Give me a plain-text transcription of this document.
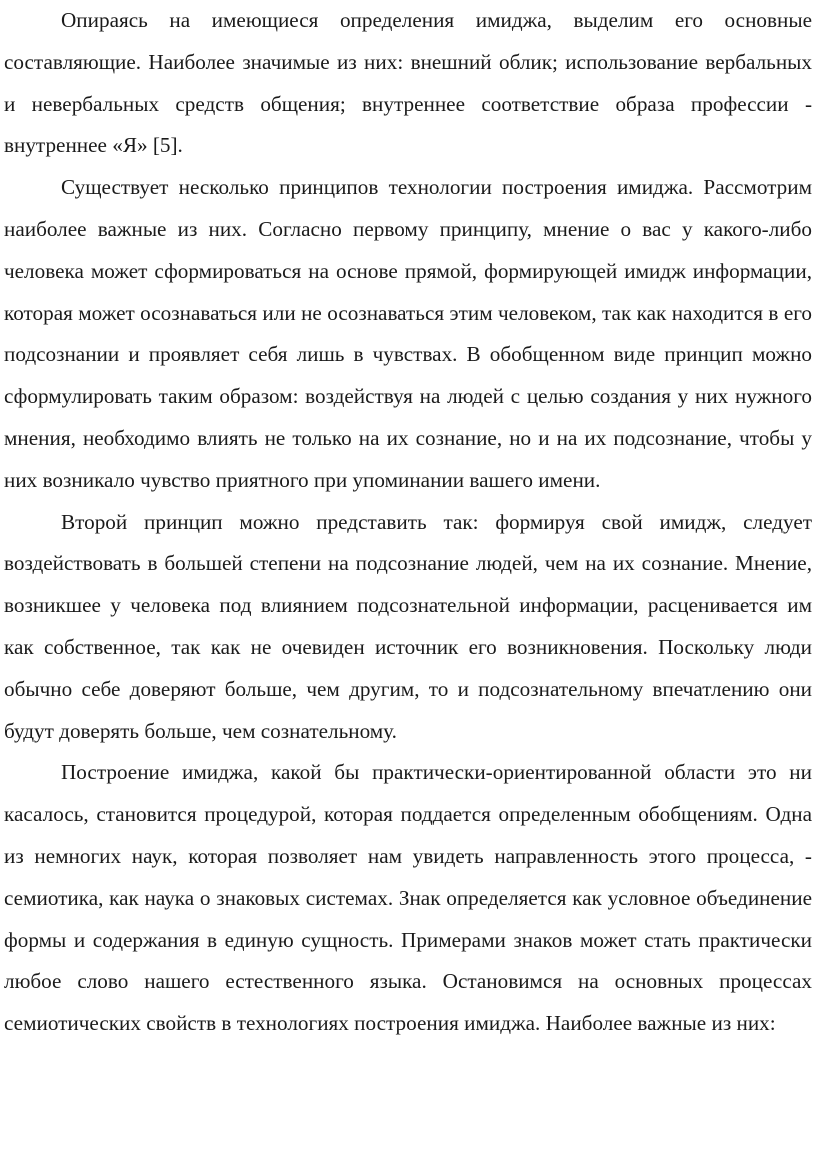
Опираясь на имеющиеся определения имиджа, выделим его основные составляющие. Наиболее значимые из них: внешний облик; использование вербальных и невербальных средств общения; внутреннее соответствие образа профессии - внутреннее «Я» [5].

Существует несколько принципов технологии построения имиджа. Рассмотрим наиболее важные из них. Согласно первому принципу, мнение о вас у какого-либо человека может сформироваться на основе прямой, формирующей имидж информации, которая может осознаваться или не осознаваться этим человеком, так как находится в его подсознании и проявляет себя лишь в чувствах. В обобщенном виде принцип можно сформулировать таким образом: воздействуя на людей с целью создания у них нужного мнения, необходимо влиять не только на их сознание, но и на их подсознание, чтобы у них возникало чувство приятного при упоминании вашего имени.

Второй принцип можно представить так: формируя свой имидж, следует воздействовать в большей степени на подсознание людей, чем на их сознание. Мнение, возникшее у человека под влиянием подсознательной информации, расценивается им как собственное, так как не очевиден источник его возникновения. Поскольку люди обычно себе доверяют больше, чем другим, то и подсознательному впечатлению они будут доверять больше, чем сознательному.

Построение имиджа, какой бы практически-ориентированной области это ни касалось, становится процедурой, которая поддается определенным обобщениям. Одна из немногих наук, которая позволяет нам увидеть направленность этого процесса, - семиотика, как наука о знаковых системах. Знак определяется как условное объединение формы и содержания в единую сущность. Примерами знаков может стать практически любое слово нашего естественного языка. Остановимся на основных процессах семиотических свойств в технологиях построения имиджа. Наиболее важные из них:
